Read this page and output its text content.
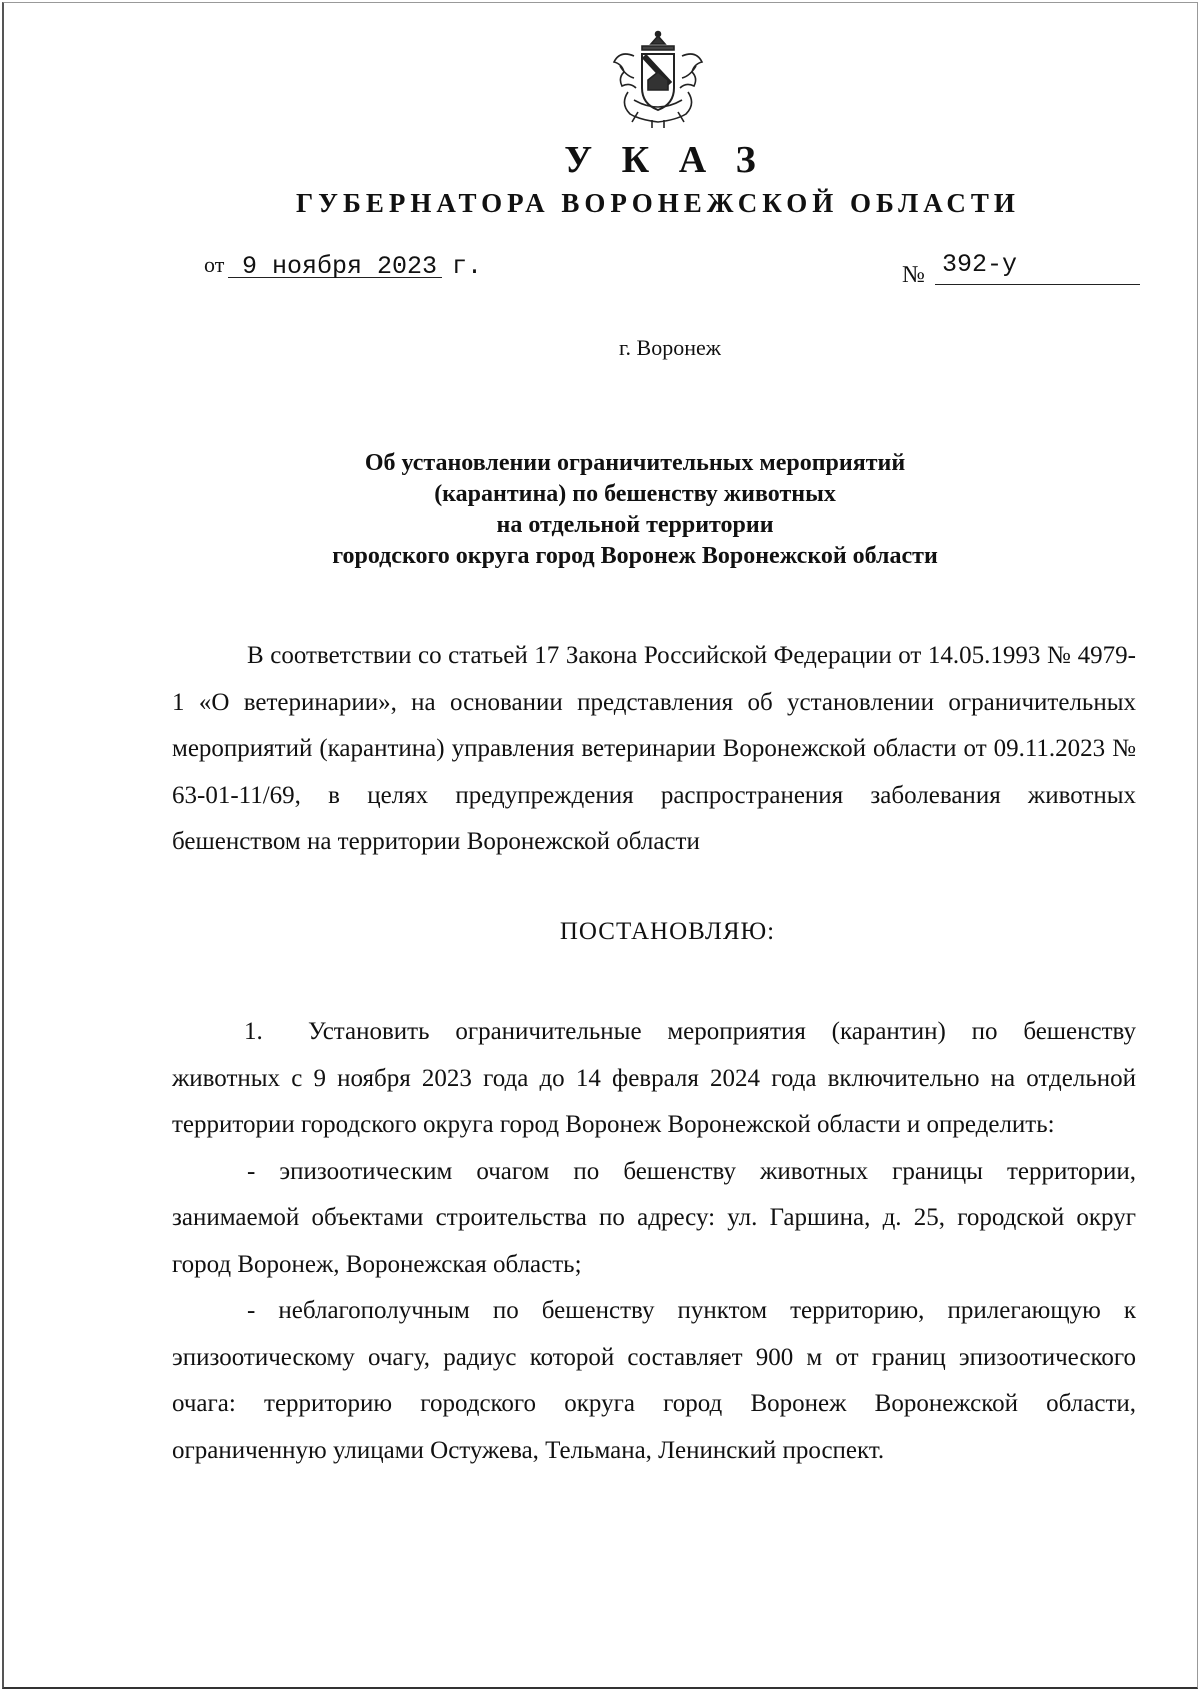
У К А З
ГУБЕРНАТОРА ВОРОНЕЖСКОЙ ОБЛАСТИ
от 9 ноября 2023 г.	№ 392-у
г. Воронеж
Об установлении ограничительных мероприятий
(карантина) по бешенству животных
на отдельной территории
городского округа город Воронеж Воронежской области

В соответствии со статьей 17 Закона Российской Федерации от 14.05.1993 № 4979-1 «О ветеринарии», на основании представления об установлении ограничительных мероприятий (карантина) управления ветеринарии Воронежской области от 09.11.2023 № 63-01-11/69, в целях предупреждения распространения заболевания животных бешенством на территории Воронежской области

ПОСТАНОВЛЯЮ:

1. Установить ограничительные мероприятия (карантин) по бешенству животных с 9 ноября 2023 года до 14 февраля 2024 года включительно на отдельной территории городского округа город Воронеж Воронежской области и определить:

- эпизоотическим очагом по бешенству животных границы территории, занимаемой объектами строительства по адресу: ул. Гаршина, д. 25, городской округ город Воронеж, Воронежская область;

- неблагополучным по бешенству пунктом территорию, прилегающую к эпизоотическому очагу, радиус которой составляет 900 м от границ эпизоотического очага: территорию городского округа город Воронеж Воронежской области, ограниченную улицами Остужева, Тельмана, Ленинский проспект.
